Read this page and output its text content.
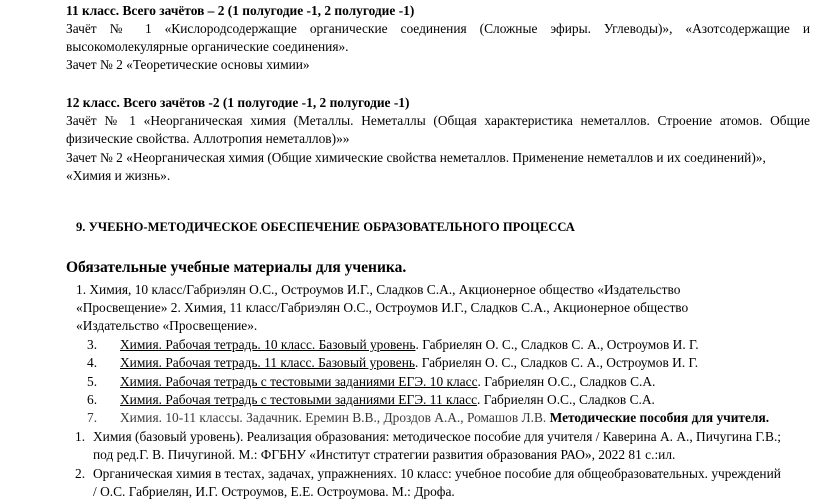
11 класс. Всего зачётов – 2 (1 полугодие -1, 2 полугодие -1)
Зачёт № 1 «Кислородсодержащие органические соединения (Сложные эфиры. Углеводы)», «Азотсодержащие и
высокомолекулярные органические соединения».
Зачет № 2 «Теоретические основы химии»
12 класс. Всего зачётов -2 (1 полугодие -1, 2 полугодие -1)
Зачёт № 1 «Неорганическая химия (Металлы. Неметаллы (Общая характеристика неметаллов. Строение атомов. Общие
физические свойства. Аллотропия неметаллов)»»
Зачет № 2 «Неорганическая химия (Общие химические свойства неметаллов. Применение неметаллов и их соединений)»,
«Химия и жизнь».
9. УЧЕБНО-МЕТОДИЧЕСКОЕ ОБЕСПЕЧЕНИЕ ОБРАЗОВАТЕЛЬНОГО ПРОЦЕССА
Обязательные учебные материалы для ученика.
1. Химия, 10 класс/Габриэлян О.С., Остроумов И.Г., Сладков С.А., Акционерное общество «Издательство
«Просвещение» 2. Химия, 11 класс/Габриэлян О.С., Остроумов И.Г., Сладков С.А., Акционерное общество
«Издательство «Просвещение».
3. Химия. Рабочая тетрадь. 10 класс. Базовый уровень. Габриелян О. С., Сладков С. А., Остроумов И. Г.
4. Химия. Рабочая тетрадь. 11 класс. Базовый уровень. Габриелян О. С., Сладков С. А., Остроумов И. Г.
5. Химия. Рабочая тетрадь с тестовыми заданиями ЕГЭ. 10 класс. Габриелян О.С., Сладков С.А.
6. Химия. Рабочая тетрадь с тестовыми заданиями ЕГЭ. 11 класс. Габриелян О.С., Сладков С.А.
7. Химия. 10-11 классы. Задачник. Еремин В.В., Дроздов А.А., Ромашов Л.В. Методические пособия для учителя.
1. Химия (базовый уровень). Реализация образования: методическое пособие для учителя / Каверина А. А., Пичугина Г.В.;
под ред.Г. В. Пичугиной. М.: ФГБНУ «Институт стратегии развития образования РАО», 2022 81 с.:ил.
2. Органическая химия в тестах, задачах, упражнениях. 10 класс: учебное пособие для общеобразовательных. учреждений
/ О.С. Габриелян, И.Г. Остроумов, Е.Е. Остроумова. М.: Дрофа.
